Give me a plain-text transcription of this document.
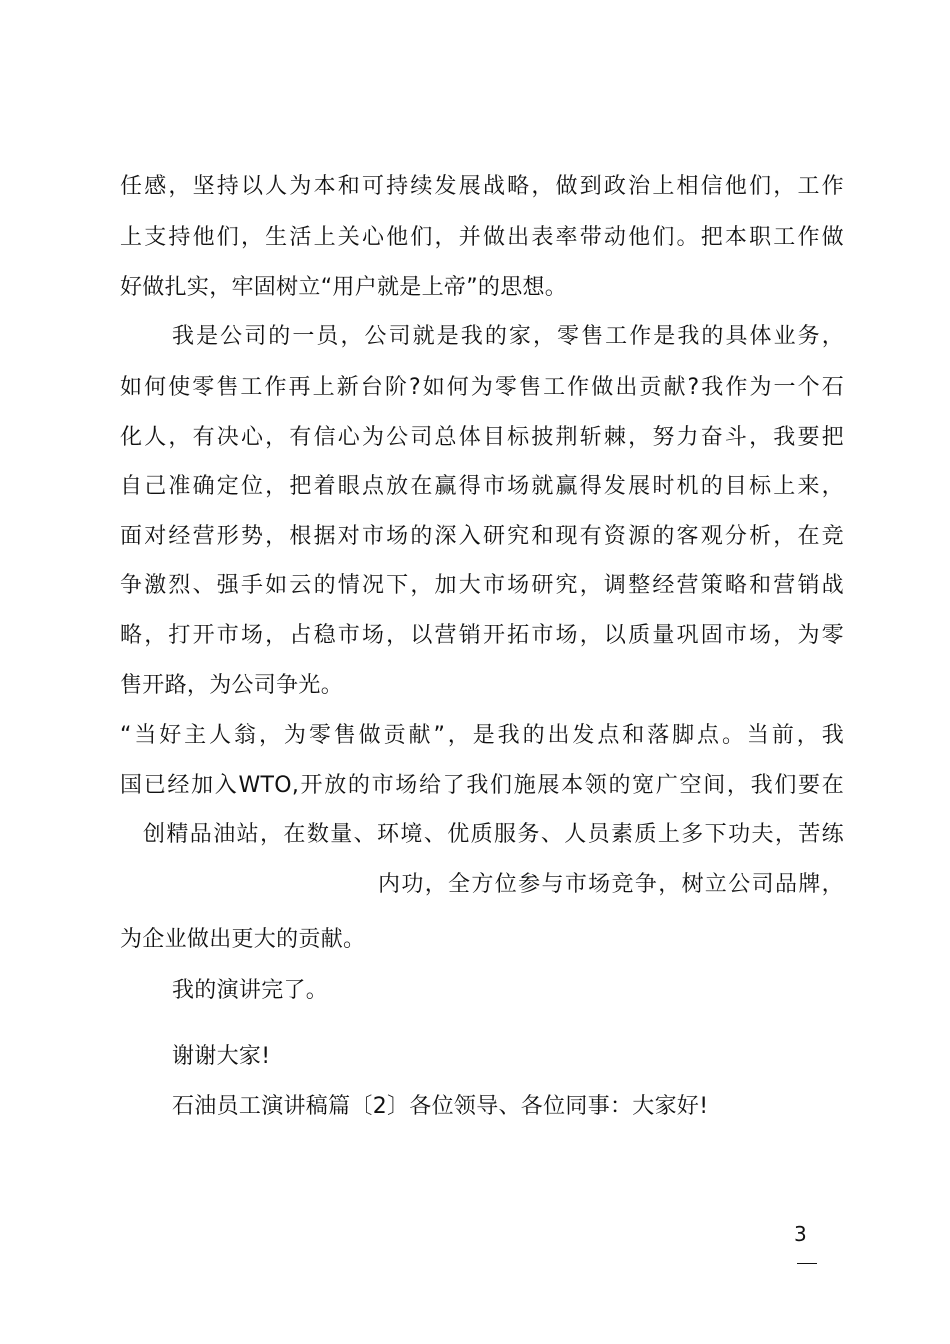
任感，坚持以人为本和可持续发展战略，做到政治上相信他们，工作
上支持他们，生活上关心他们，并做出表率带动他们。把本职工作做
好做扎实，牢固树立“用户就是上帝”的思想。
我是公司的一员，公司就是我的家，零售工作是我的具体业务，
如何使零售工作再上新台阶?如何为零售工作做出贡献?我作为一个石
化人，有决心，有信心为公司总体目标披荆斩棘，努力奋斗，我要把
自己准确定位，把着眼点放在赢得市场就赢得发展时机的目标上来，
面对经营形势，根据对市场的深入研究和现有资源的客观分析，在竞
争激烈、强手如云的情况下，加大市场研究，调整经营策略和营销战
略，打开市场，占稳市场，以营销开拓市场，以质量巩固市场，为零
售开路，为公司争光。
“当好主人翁，为零售做贡献”，是我的出发点和落脚点。当前，我
国已经加入WTO,开放的市场给了我们施展本领的宽广空间，我们要在
创精品油站，在数量、环境、优质服务、人员素质上多下功夫，苦练
内功，全方位参与市场竞争，树立公司品牌，
为企业做出更大的贡献。
我的演讲完了。
谢谢大家!
石油员工演讲稿篇〔2〕各位领导、各位同事：大家好!
3
